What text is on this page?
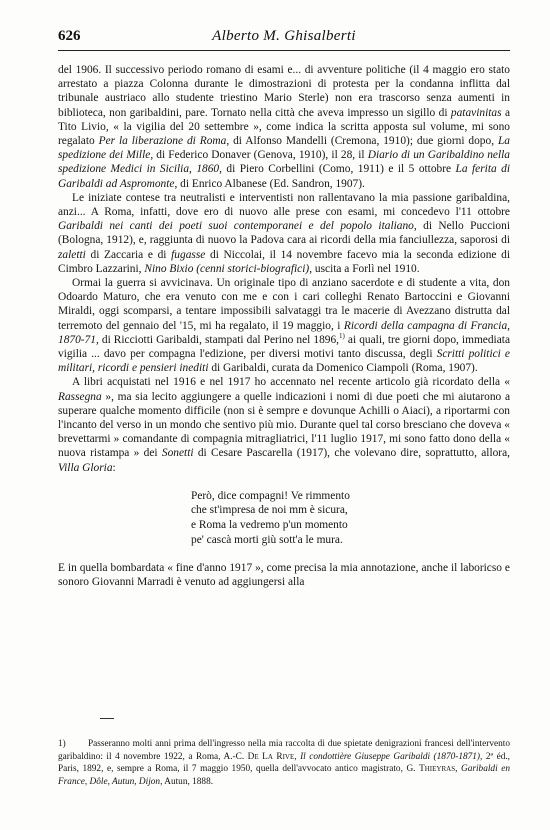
626	Alberto M. Ghisalberti

del 1906. Il successivo periodo romano di esami e... di avventure politiche (il 4 maggio ero stato arrestato a piazza Colonna durante le dimostrazioni di protesta per la condanna inflitta dal tribunale austriaco allo studente triestino Mario Sterle) non era trascorso senza aumenti in biblioteca, non garibaldini, pare. Tornato nella città che aveva impresso un sigillo di patavinitas a Tito Livio, « la vigilia del 20 settembre », come indica la scritta apposta sul volume, mi sono regalato Per la liberazione di Roma, di Alfonso Mandelli (Cremona, 1910); due giorni dopo, La spedizione dei Mille, di Federico Donaver (Genova, 1910), il 28, il Diario di un Garibaldino nella spedizione Medici in Sicilia, 1860, di Piero Corbellini (Como, 1911) e il 5 ottobre La ferita di Garibaldi ad Aspromonte, di Enrico Albanese (Ed. Sandron, 1907).

Le iniziate contese tra neutralisti e interventisti non rallentavano la mia passione garibaldina, anzi... A Roma, infatti, dove ero di nuovo alle prese con esami, mi concedevo l'11 ottobre Garibaldi nei canti dei poeti suoi contemporanei e del popolo italiano, di Nello Puccioni (Bologna, 1912), e, raggiunta di nuovo la Padova cara ai ricordi della mia fanciullezza, saporosi di zaletti di Zaccaria e di fugasse di Niccolai, il 14 novembre facevo mia la seconda edizione di Cimbro Lazzarini, Nino Bixio (cenni storici-biografici), uscita a Forlì nel 1910.

Ormai la guerra si avvicinava. Un originale tipo di anziano sacerdote e di studente a vita, don Odoardo Maturo, che era venuto con me e con i cari colleghi Renato Bartoccini e Giovanni Miraldi, oggi scomparsi, a tentare impossibili salvataggi tra le macerie di Avezzano distrutta dal terremoto del gennaio del '15, mi ha regalato, il 19 maggio, i Ricordi della campagna di Francia, 1870-71, di Ricciotti Garibaldi, stampati dal Perino nel 1896,$^{1)}$ ai quali, tre giorni dopo, immediata vigilia ... davo per compagna l'edizione, per diversi motivi tanto discussa, degli Scritti politici e militari, ricordi e pensieri inediti di Garibaldi, curata da Domenico Ciampoli (Roma, 1907).

A libri acquistati nel 1916 e nel 1917 ho accennato nel recente articolo già ricordato della « Rassegna », ma sia lecito aggiungere a quelle indicazioni i nomi di due poeti che mi aiutarono a superare qualche momento difficile (non si è sempre e dovunque Achilli o Aiaci), a riportarmi con l'incanto del verso in un mondo che sentivo più mio. Durante quel tal corso bresciano che doveva « brevettarmi » comandante di compagnia mitragliatrici, l'11 luglio 1917, mi sono fatto dono della « nuova ristampa » dei Sonetti di Cesare Pascarella (1917), che volevano dire, soprattutto, allora, Villa Gloria:

Però, dice compagni! Ve rimmento
che st'impresa de noi mm è sicura,
e Roma la vedremo p'un momento
pe' cascà morti giù sott'a le mura.

E in quella bombardata « fine d'anno 1917 », come precisa la mia annotazione, anche il laboricso e sonoro Giovanni Marradi è venuto ad aggiungersi alla

1) Passeranno molti anni prima dell'ingresso nella mia raccolta di due spietate denigrazioni francesi dell'intervento garibaldino: il 4 novembre 1922, a Roma, A.-C. De La Rive, Il condottière Giuseppe Garibaldi (1870-1871), 2ª éd., Paris, 1892, e, sempre a Roma, il 7 maggio 1950, quella dell'avvocato antico magistrato, G. Thieyras, Garibaldi en France, Dôle, Autun, Dijon, Autun, 1888.
